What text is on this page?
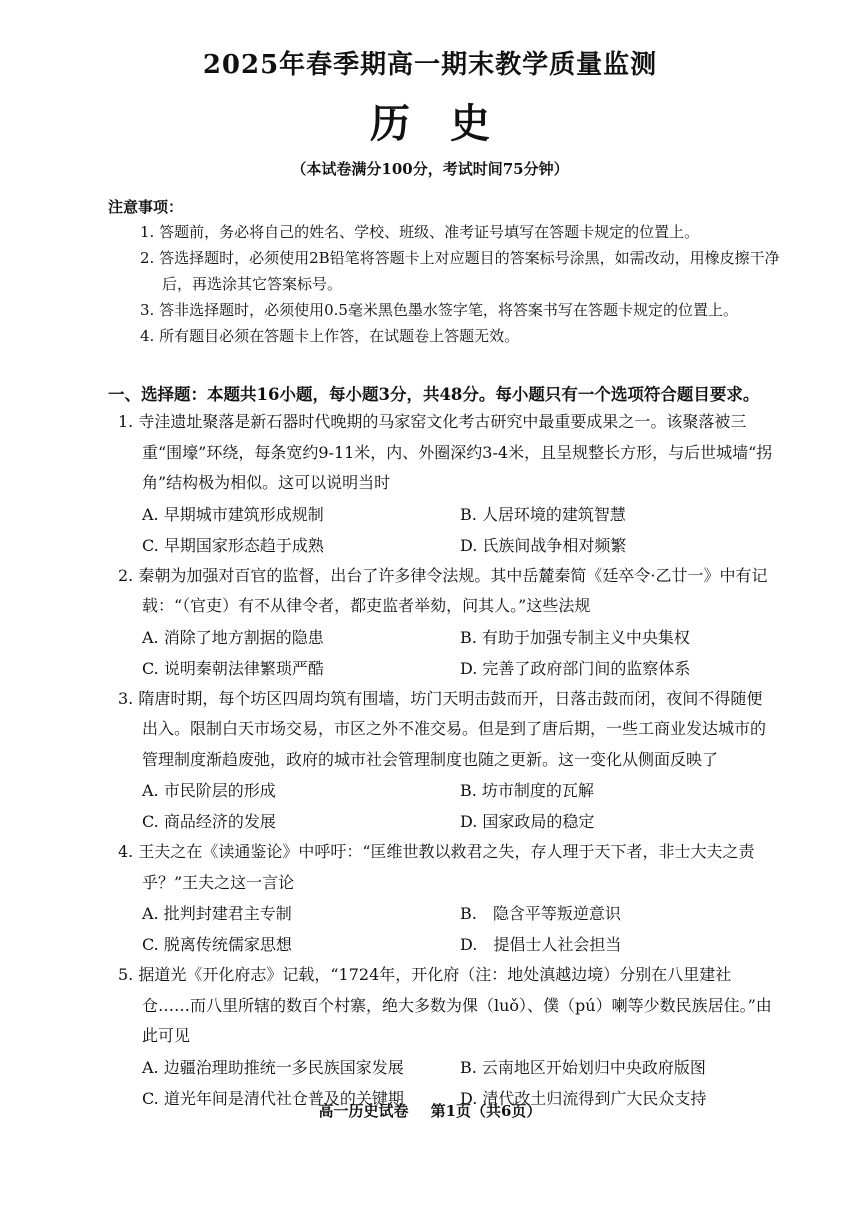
2025年春季期高一期末教学质量监测
历史
（本试卷满分100分，考试时间75分钟）
注意事项：
1. 答题前，务必将自己的姓名、学校、班级、准考证号填写在答题卡规定的位置上。
2. 答选择题时，必须使用2B铅笔将答题卡上对应题目的答案标号涂黑，如需改动，用橡皮擦干净后，再选涂其它答案标号。
3. 答非选择题时，必须使用0.5毫米黑色墨水签字笔，将答案书写在答题卡规定的位置上。
4. 所有题目必须在答题卡上作答，在试题卷上答题无效。
一、选择题：本题共16小题，每小题3分，共48分。每小题只有一个选项符合题目要求。
1. 寺洼遗址聚落是新石器时代晚期的马家窑文化考古研究中最重要成果之一。该聚落被三重“围壕”环绕，每条宽约9-11米，内、外圈深约3-4米，且呈规整长方形，与后世城墙“拐角”结构极为相似。这可以说明当时
A. 早期城市建筑形成规制	B. 人居环境的建筑智慧
C. 早期国家形态趋于成熟	D. 氏族间战争相对频繁
2. 秦朝为加强对百官的监督，出台了许多律令法规。其中岳麓秦简《廷卒令·乙廿一》中有记载：“（官吏）有不从律令者，都吏监者举劾，问其人。”这些法规
A. 消除了地方割据的隐患	B. 有助于加强专制主义中央集权
C. 说明秦朝法律繁琐严酷	D. 完善了政府部门间的监察体系
3. 隋唐时期，每个坊区四周均筑有围墙，坊门天明击鼓而开，日落击鼓而闭，夜间不得随便出入。限制白天市场交易，市区之外不准交易。但是到了唐后期，一些工商业发达城市的管理制度渐趋废弛，政府的城市社会管理制度也随之更新。这一变化从侧面反映了
A. 市民阶层的形成	B. 坊市制度的瓦解
C. 商品经济的发展	D. 国家政局的稳定
4. 王夫之在《读通鉴论》中呼吁：“匡维世教以救君之失，存人理于天下者，非士大夫之责乎？”王夫之这一言论
A. 批判封建君主专制	B.　隐含平等叛逆意识
C. 脱离传统儒家思想	D.　提倡士人社会担当
5. 据道光《开化府志》记载，“1724年，开化府（注：地处滇越边境）分别在八里建社仓……而八里所辖的数百个村寨，绝大多数为倮（luǒ）、僕（pú）喇等少数民族居住。”由此可见
A. 边疆治理助推统一多民族国家发展	B. 云南地区开始划归中央政府版图
C. 道光年间是清代社仓普及的关键期	D. 清代改土归流得到广大民众支持
高一历史试卷 第1页（共6页）
